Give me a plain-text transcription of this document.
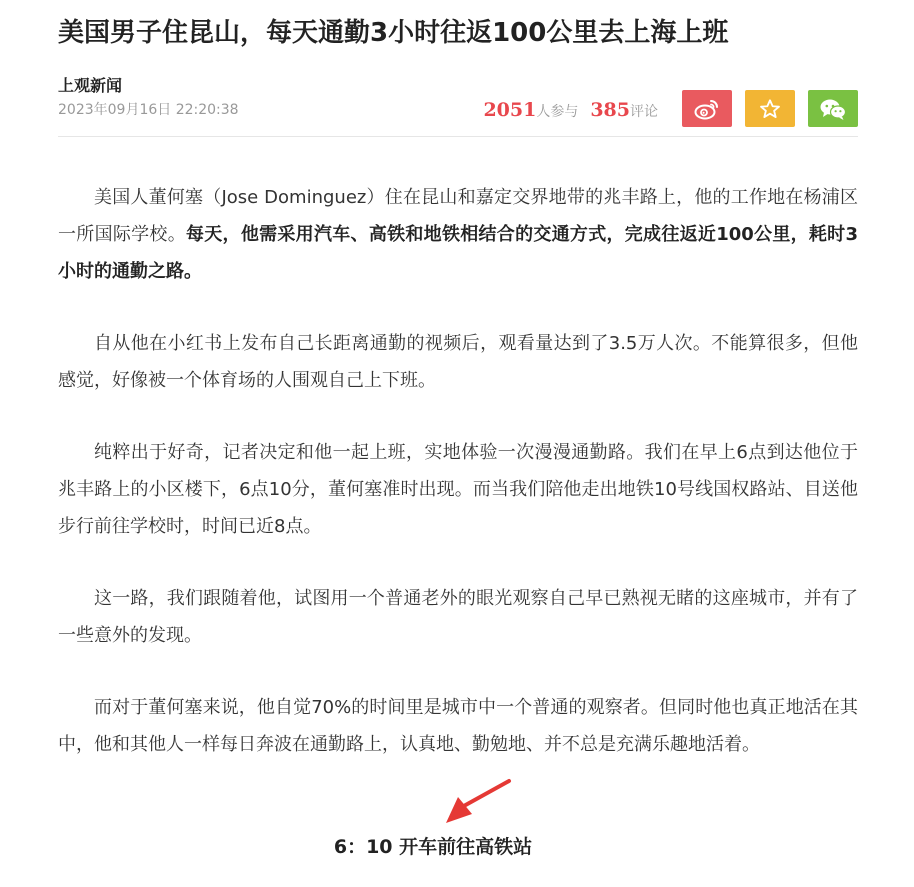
美国男子住昆山，每天通勤3小时往返100公里去上海上班
上观新闻
2023年09月16日 22:20:38	2051人参与 385评论

美国人董何塞（Jose Dominguez）住在昆山和嘉定交界地带的兆丰路上，他的工作地在杨浦区一所国际学校。每天，他需采用汽车、高铁和地铁相结合的交通方式，完成往返近100公里，耗时3小时的通勤之路。

自从他在小红书上发布自己长距离通勤的视频后，观看量达到了3.5万人次。不能算很多，但他感觉，好像被一个体育场的人围观自己上下班。

纯粹出于好奇，记者决定和他一起上班，实地体验一次漫漫通勤路。我们在早上6点到达他位于兆丰路上的小区楼下，6点10分，董何塞准时出现。而当我们陪他走出地铁10号线国权路站、目送他步行前往学校时，时间已近8点。

这一路，我们跟随着他，试图用一个普通老外的眼光观察自己早已熟视无睹的这座城市，并有了一些意外的发现。

而对于董何塞来说，他自觉70%的时间里是城市中一个普通的观察者。但同时他也真正地活在其中，他和其他人一样每日奔波在通勤路上，认真地、勤勉地、并不总是充满乐趣地活着。

6：10 开车前往高铁站
